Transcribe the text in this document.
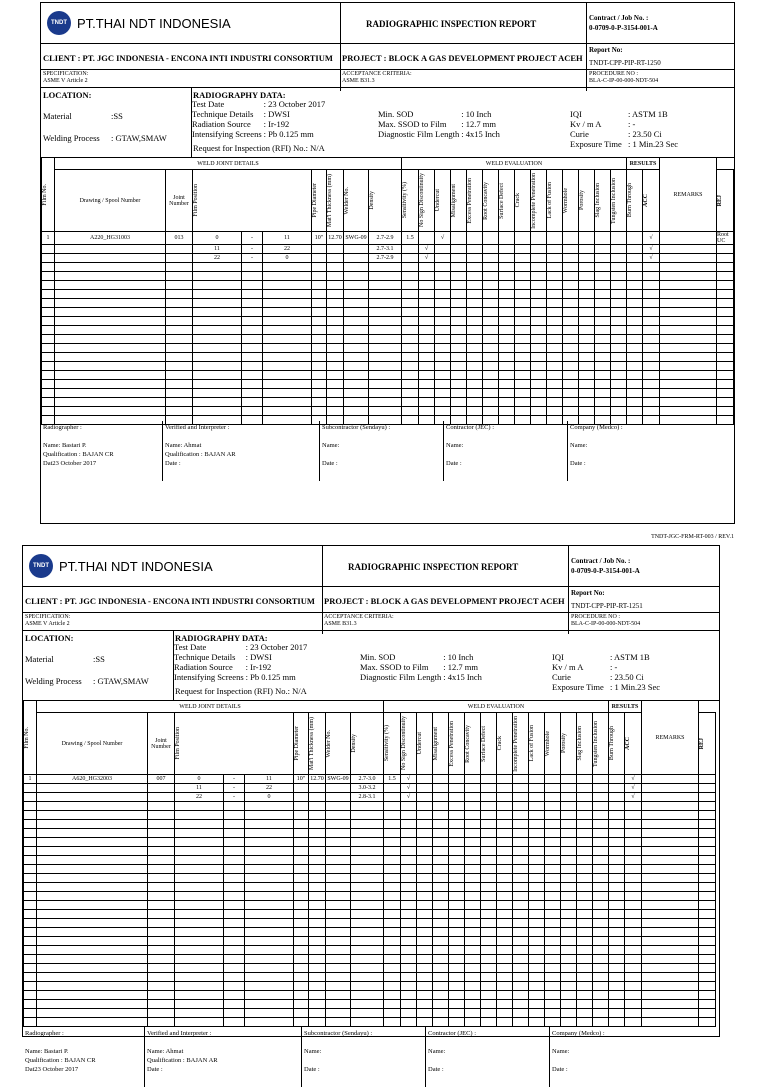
TNDT PT.THAI NDT INDONESIA	RADIOGRAPHIC INSPECTION REPORT
Contract / Job No. :
0-0709-0-P-3154-001-A
CLIENT : PT. JGC INDONESIA - ENCONA INTI INDUSTRI CONSORTIUM PROJECT : BLOCK A GAS DEVELOPMENT PROJECT ACEH
Report No:
TNDT-CPP-PIP-RT-1250
SPECIFICATION:
ASME V Article 2
ACCEPTANCE CRITERIA:
ASME B31.3
PROCEDURE NO :
BLA-C-IP-00-000-NDT-504
LOCATION:
Material	:SS
Welding Process : GTAW,SMAW
RADIOGRAPHY DATA:
Test Date	: 23 October 2017
Technique Details	: DWSI
Radiation Source	: Ir-192
Intensifying Screens	: Pb 0.125 mm
Request for Inspection (RFI) No.: N/A
Min. SOD	: 10 Inch
Max. SSOD to Film	: 12.7 mm
Diagnostic Film Length	: 4x15 Inch
IQI	: ASTM 1B
Kv / m A	: -
Curie	: 23.50 Ci
Exposure Time	: 1 Min.23 Sec
Film No.	WELD JOINT DETAILS									WELD EVALUATION														RESULTS		REMARKS	
	Drawing / Spool Number	Joint Number	Film Position			Pipe Diameter	Mat'l Thickness (mm)	Welder No.	Density	Sensitivity (%)	No Sign Discontinuity	Undercut	Misalignment	Excess Penetration	Root Concavity	Surface Defect	Crack	Incomplete Penetration	Lack of Fusion	Wormhole	Porosity	Slag Inclusion	Tungsten Inclusion	Burn Through	ACC		REJ

1	A220_HG31003	013	0	-	11	10"	12.70	SWG-09	2.7-2.9	1.5		√													√		Root UC
			11	-	22				2.7-3.1		√														√		
			22	-	0				2.7-2.9		√														√		

Radiographer :

Name: Bastari P.
Qualification : BAJAN CR
Dat23 October 2017
Verified and Interpreter :

Name: Ahmat
Qualification : BAJAN AR
Date :
Subcontractor (Sendayu) :

Name:

Date :
Contractor (JEC) :

Name:

Date :
Company (Medco) :

Name:

Date :
TNDT PT.THAI NDT INDONESIA	RADIOGRAPHIC INSPECTION REPORT
Contract / Job No. :
0-0709-0-P-3154-001-A
CLIENT : PT. JGC INDONESIA - ENCONA INTI INDUSTRI CONSORTIUM PROJECT : BLOCK A GAS DEVELOPMENT PROJECT ACEH
Report No:
TNDT-CPP-PIP-RT-1251
SPECIFICATION:
ASME V Article 2
ACCEPTANCE CRITERIA:
ASME B31.3
PROCEDURE NO :
BLA-C-IP-00-000-NDT-504
LOCATION:
Material	:SS
Welding Process : GTAW,SMAW
RADIOGRAPHY DATA:
Test Date	: 23 October 2017
Technique Details	: DWSI
Radiation Source	: Ir-192
Intensifying Screens	: Pb 0.125 mm
Request for Inspection (RFI) No.: N/A
Min. SOD	: 10 Inch
Max. SSOD to Film	: 12.7 mm
Diagnostic Film Length	: 4x15 Inch
IQI	: ASTM 1B
Kv / m A	: -
Curie	: 23.50 Ci
Exposure Time	: 1 Min.23 Sec
Film No.	WELD JOINT DETAILS									WELD EVALUATION														RESULTS		REMARKS	
	Drawing / Spool Number	Joint Number	Film Position			Pipe Diameter	Mat'l Thickness (mm)	Welder No.	Density	Sensitivity (%)	No Sign Discontinuity	Undercut	Misalignment	Excess Penetration	Root Concavity	Surface Defect	Crack	Incomplete Penetration	Lack of Fusion	Wormhole	Porosity	Slag Inclusion	Tungsten Inclusion	Burn Through	ACC		REJ

1	A620_HG32003	007	0	-	11	10"	12.70	SWG-09	2.7-3.0	1.5	√														√		
			11	-	22				3.0-3.2		√														√		
			22	-	0				2.8-3.1		√														√		

Radiographer :

Name: Bastari P.
Qualification : BAJAN CR
Dat23 October 2017
Verified and Interpreter :

Name: Ahmat
Qualification : BAJAN AR
Date :
Subcontractor (Sendayu) :

Name:

Date :
Contractor (JEC) :

Name:

Date :
Company (Medco) :

Name:

Date :
TNDT-JGC-FRM-RT-003 / REV.1
